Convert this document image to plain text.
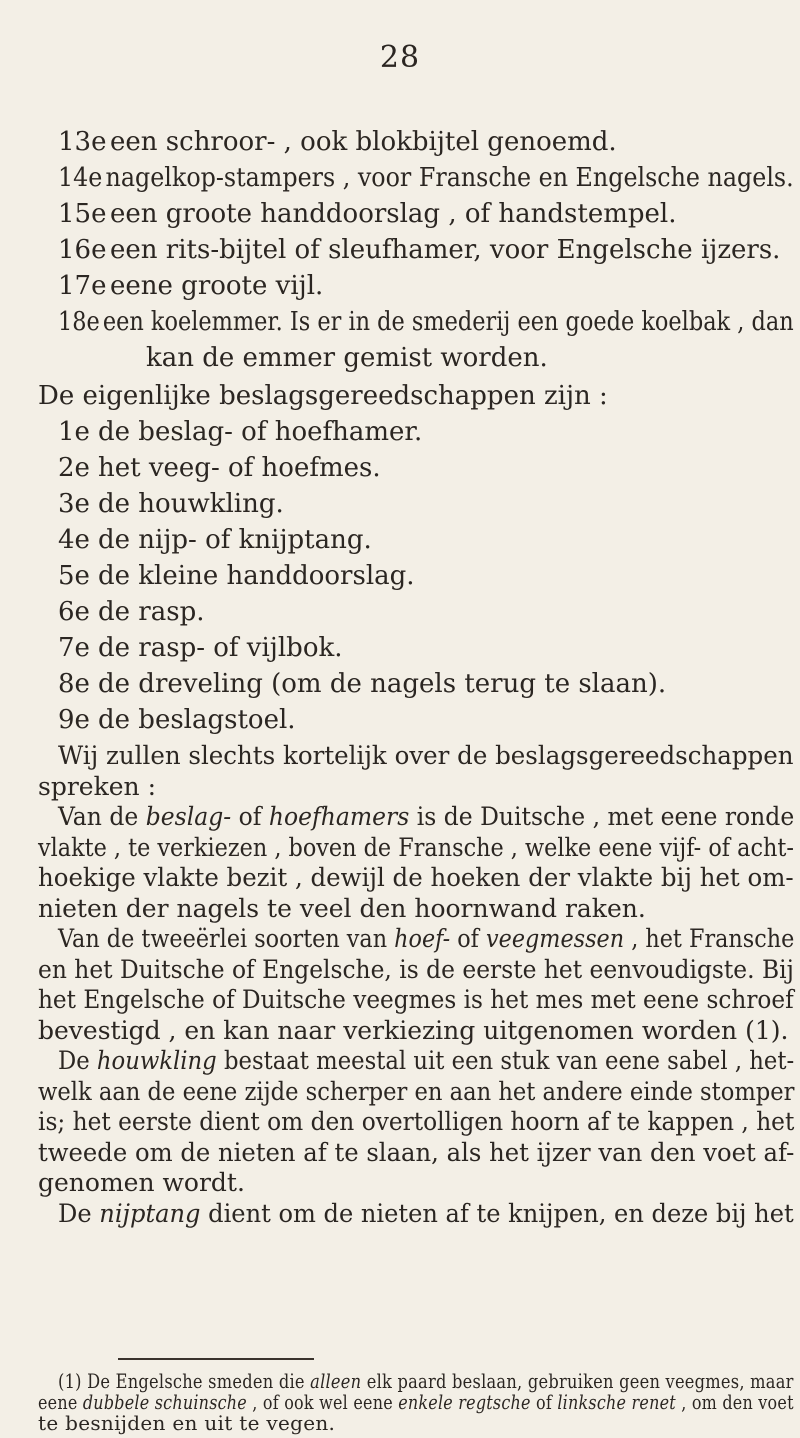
28
13e een schroor- , ook blokbijtel genoemd.
14e nagelkop-stampers , voor Fransche en Engelsche nagels.
15e een groote handdoorslag , of handstempel.
16e een rits-bijtel of sleufhamer, voor Engelsche ijzers.
17e eene groote vijl.
18e een koelemmer. Is er in de smederij een goede koelbak , dan
kan de emmer gemist worden.
De eigenlijke beslagsgereedschappen zijn :
1e de beslag- of hoefhamer.
2e het veeg- of hoefmes.
3e de houwkling.
4e de nijp- of knijptang.
5e de kleine handdoorslag.
6e de rasp.
7e de rasp- of vijlbok.
8e de dreveling (om de nagels terug te slaan).
9e de beslagstoel.
Wij zullen slechts kortelijk over de beslagsgereedschappen
spreken :
Van de beslag- of hoefhamers is de Duitsche , met eene ronde
vlakte , te verkiezen , boven de Fransche , welke eene vijf- of acht-
hoekige vlakte bezit , dewijl de hoeken der vlakte bij het om-
nieten der nagels te veel den hoornwand raken.
Van de tweeërlei soorten van hoef- of veegmessen , het Fransche
en het Duitsche of Engelsche, is de eerste het eenvoudigste. Bij
het Engelsche of Duitsche veegmes is het mes met eene schroef
bevestigd , en kan naar verkiezing uitgenomen worden (1).
De houwkling bestaat meestal uit een stuk van eene sabel , het-
welk aan de eene zijde scherper en aan het andere einde stomper
is; het eerste dient om den overtolligen hoorn af te kappen , het
tweede om de nieten af te slaan, als het ijzer van den voet af-
genomen wordt.
De nijptang dient om de nieten af te knijpen, en deze bij het
(1) De Engelsche smeden die alleen elk paard beslaan, gebruiken geen veegmes, maar
eene dubbele schuinsche , of ook wel eene enkele regtsche of linksche renet , om den voet
te besnijden en uit te vegen.
